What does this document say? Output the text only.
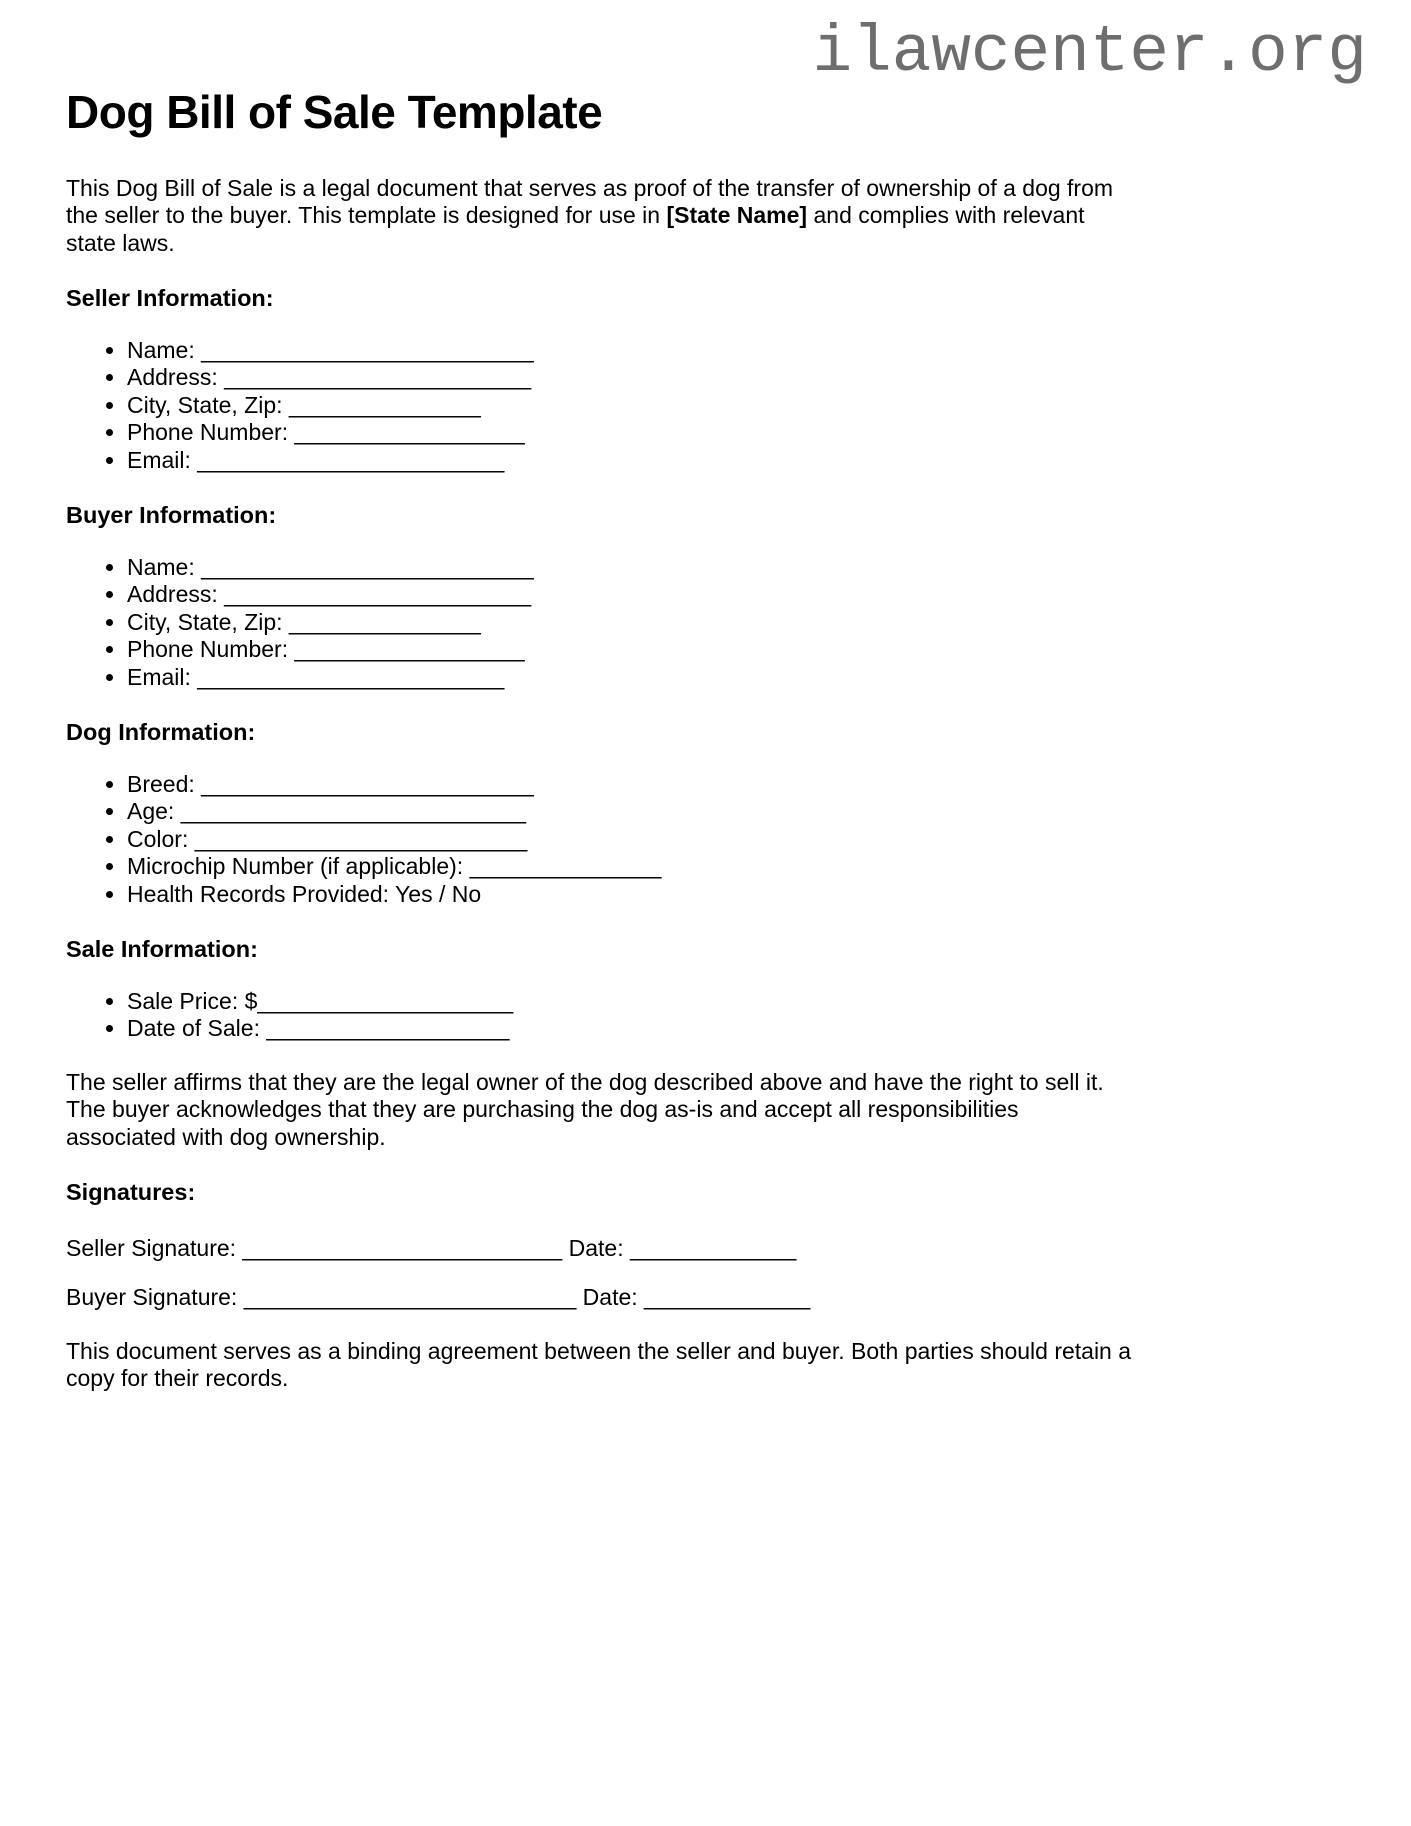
ilawcenter.org
Dog Bill of Sale Template

This Dog Bill of Sale is a legal document that serves as proof of the transfer of ownership of a dog from the seller to the buyer. This template is designed for use in [State Name] and complies with relevant state laws.

Seller Information:
• Name: __________________________
• Address: ________________________
• City, State, Zip: _______________
• Phone Number: __________________
• Email: ________________________
Buyer Information:
• Name: __________________________
• Address: ________________________
• City, State, Zip: _______________
• Phone Number: __________________
• Email: ________________________
Dog Information:
• Breed: __________________________
• Age: ___________________________
• Color: __________________________
• Microchip Number (if applicable): _______________
• Health Records Provided: Yes / No
Sale Information:
• Sale Price: $____________________
• Date of Sale: ___________________

The seller affirms that they are the legal owner of the dog described above and have the right to sell it. The buyer acknowledges that they are purchasing the dog as-is and accept all responsibilities associated with dog ownership.

Signatures:

Seller Signature: _________________________ Date: _____________

Buyer Signature: __________________________ Date: _____________

This document serves as a binding agreement between the seller and buyer. Both parties should retain a copy for their records.
